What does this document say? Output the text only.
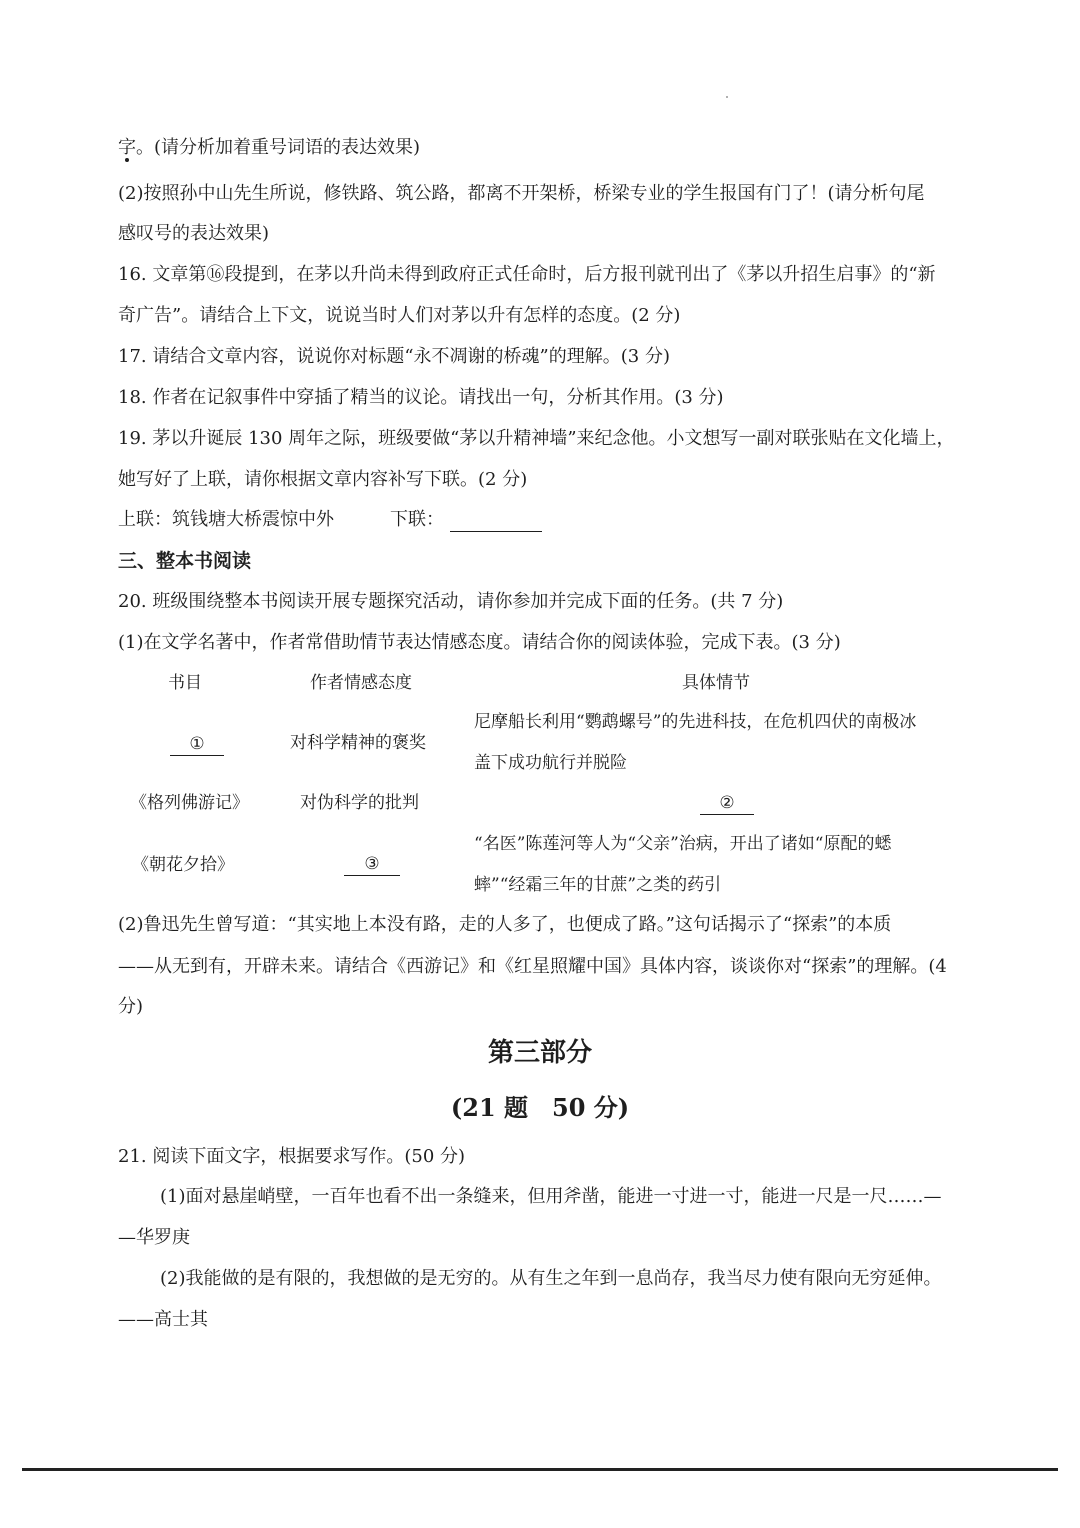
字。(请分析加着重号词语的表达效果)
(2)按照孙中山先生所说，修铁路、筑公路，都离不开架桥，桥梁专业的学生报国有门了！(请分析句尾
感叹号的表达效果)
16. 文章第⑯段提到，在茅以升尚未得到政府正式任命时，后方报刊就刊出了《茅以升招生启事》的“新
奇广告”。请结合上下文，说说当时人们对茅以升有怎样的态度。(2 分)
17. 请结合文章内容，说说你对标题“永不凋谢的桥魂”的理解。(3 分)
18. 作者在记叙事件中穿插了精当的议论。请找出一句，分析其作用。(3 分)
19. 茅以升诞辰 130 周年之际，班级要做“茅以升精神墙”来纪念他。小文想写一副对联张贴在文化墙上，
她写好了上联，请你根据文章内容补写下联。(2 分)
上联：筑钱塘大桥震惊中外	下联：
三、整本书阅读
20. 班级围绕整本书阅读开展专题探究活动，请你参加并完成下面的任务。(共 7 分)
(1)在文学名著中，作者常借助情节表达情感态度。请结合你的阅读体验，完成下表。(3 分)
书目	作者情感态度	具体情节
①	对科学精神的褒奖
尼摩船长利用“鹦鹉螺号”的先进科技，在危机四伏的南极冰
盖下成功航行并脱险
《格列佛游记》	对伪科学的批判	②
《朝花夕拾》	③
“名医”陈莲河等人为“父亲”治病，开出了诸如“原配的蟋
蟀”“经霜三年的甘蔗”之类的药引
(2)鲁迅先生曾写道：“其实地上本没有路，走的人多了，也便成了路。”这句话揭示了“探索”的本质
——从无到有，开辟未来。请结合《西游记》和《红星照耀中国》具体内容，谈谈你对“探索”的理解。(4
分)
第三部分
(21 题　50 分)
21. 阅读下面文字，根据要求写作。(50 分)
(1)面对悬崖峭壁，一百年也看不出一条缝来，但用斧凿，能进一寸进一寸，能进一尺是一尺……—
—华罗庚
(2)我能做的是有限的，我想做的是无穷的。从有生之年到一息尚存，我当尽力使有限向无穷延伸。
——高士其
